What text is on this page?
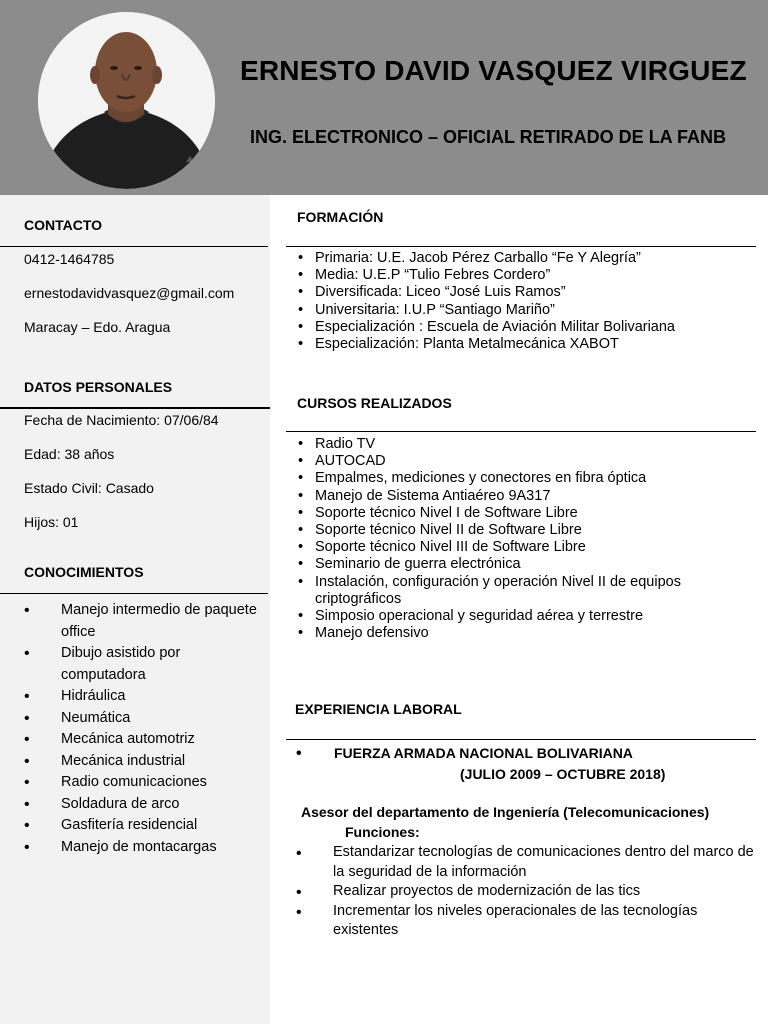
ERNESTO DAVID VASQUEZ VIRGUEZ
ING. ELECTRONICO – OFICIAL RETIRADO DE LA FANB
CONTACTO
0412-1464785
ernestodavidvasquez@gmail.com
Maracay – Edo. Aragua
DATOS PERSONALES
Fecha de Nacimiento: 07/06/84
Edad: 38 años
Estado Civil: Casado
Hijos: 01
CONOCIMIENTOS
• Manejo intermedio de paquete office
• Dibujo asistido por computadora
• Hidráulica
• Neumática
• Mecánica automotriz
• Mecánica industrial
• Radio comunicaciones
• Soldadura de arco
• Gasfitería residencial
• Manejo de montacargas
FORMACIÓN
• Primaria: U.E. Jacob Pérez Carballo “Fe Y Alegría”
• Media: U.E.P “Tulio Febres Cordero”
• Diversificada: Liceo “José Luis Ramos”
• Universitaria: I.U.P “Santiago Mariño”
• Especialización : Escuela de Aviación Militar Bolivariana
• Especialización: Planta Metalmecánica XABOT
CURSOS REALIZADOS
• Radio TV
• AUTOCAD
• Empalmes, mediciones y conectores en fibra óptica
• Manejo de Sistema Antiaéreo 9A317
• Soporte técnico Nivel I de Software Libre
• Soporte técnico Nivel II de Software Libre
• Soporte técnico Nivel III de Software Libre
• Seminario de guerra electrónica
• Instalación, configuración y operación Nivel II de equipos criptográficos
• Simposio operacional y seguridad aérea y terrestre
• Manejo defensivo
EXPERIENCIA LABORAL
• FUERZA ARMADA NACIONAL BOLIVARIANA
(JULIO 2009 – OCTUBRE 2018)
Asesor del departamento de Ingeniería (Telecomunicaciones)
Funciones:
• Estandarizar tecnologías de comunicaciones dentro del marco de la seguridad de la información
• Realizar proyectos de modernización de las tics
• Incrementar los niveles operacionales de las tecnologías existentes
